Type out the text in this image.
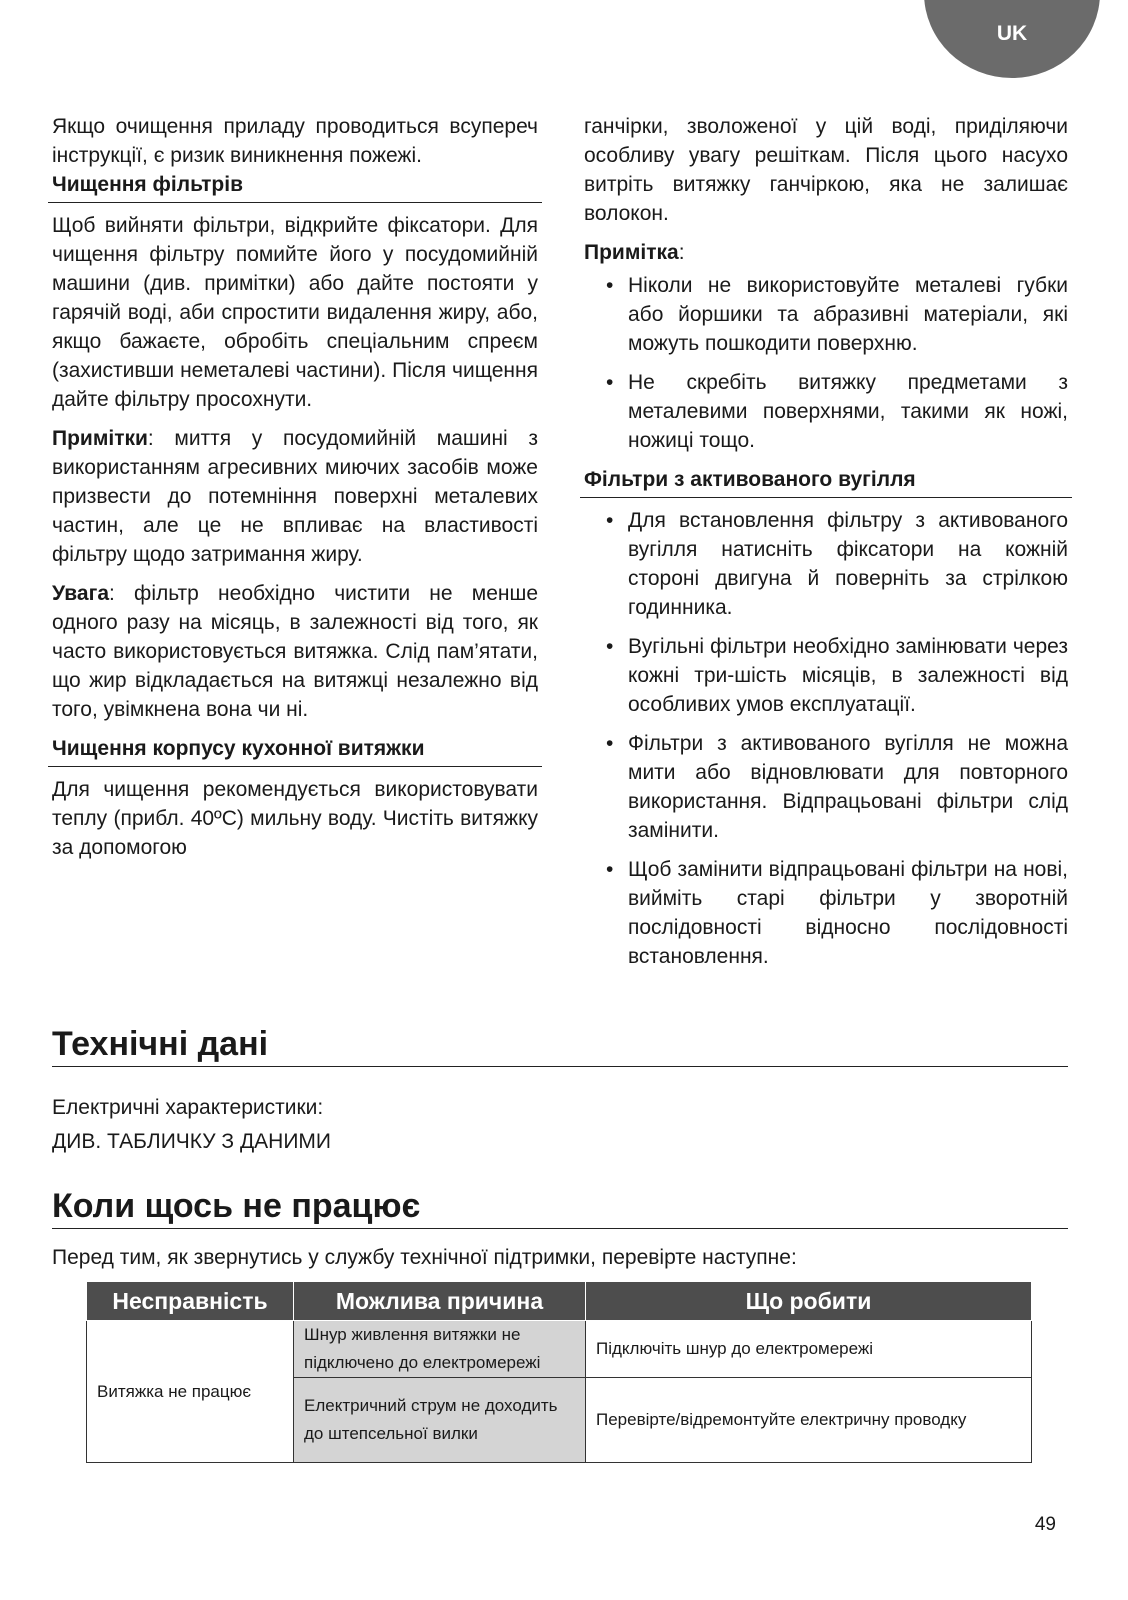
UK

Якщо очищення приладу проводиться всупереч інструкції, є ризик виникнення пожежі.

Чищення фільтрів

Щоб вийняти фільтри, відкрийте фіксатори. Для чищення фільтру помийте його у посудомийній машини (див. примітки) або дайте постояти у гарячій воді, аби спростити видалення жиру, або, якщо бажаєте, обробіть спеціальним спреєм (захистивши неметалеві частини). Після чищення дайте фільтру просохнути.

Примітки: миття у посудомийній машині з використанням агресивних миючих засобів може призвести до потемніння поверхні металевих частин, але це не впливає на властивості фільтру щодо затримання жиру.

Увага: фільтр необхідно чистити не менше одного разу на місяць, в залежності від того, як часто використовується витяжка. Слід пам’ятати, що жир відкладається на витяжці незалежно від того, увімкнена вона чи ні.

Чищення корпусу кухонної витяжки

Для чищення рекомендується використовувати теплу (прибл. 40ºC) мильну воду. Чистіть витяжку за допомогою

ганчірки, зволоженої у цій воді, приділяючи особливу увагу решіткам. Після цього насухо витріть витяжку ганчіркою, яка не залишає волокон.

Примітка:

• Ніколи не використовуйте металеві губки або йоршики та абразивні матеріали, які можуть пошкодити поверхню.
• Не скребіть витяжку предметами з металевими поверхнями, такими як ножі, ножиці тощо.
Фільтри з активованого вугілля
• Для встановлення фільтру з активованого вугілля натисніть фіксатори на кожній стороні двигуна й поверніть за стрілкою годинника.
• Вугільні фільтри необхідно замінювати через кожні три-шість місяців, в залежності від особливих умов експлуатації.
• Фільтри з активованого вугілля не можна мити або відновлювати для повторного використання. Відпрацьовані фільтри слід замінити.
• Щоб замінити відпрацьовані фільтри на нові, вийміть старі фільтри у зворотній послідовності відносно послідовності встановлення.
Технічні дані
Електричні характеристики:
ДИВ. ТАБЛИЧКУ З ДАНИМИ
Коли щось не працює
Перед тим, як звернутись у службу технічної підтримки, перевірте наступне:
Несправність	Можлива причина	Що робити
Витяжка не працює	Шнур живлення витяжки не підключено до електромережі	Підключіть шнур до електромережі
	Електричний струм не доходить до штепсельної вилки	Перевірте/відремонтуйте електричну проводку
49
